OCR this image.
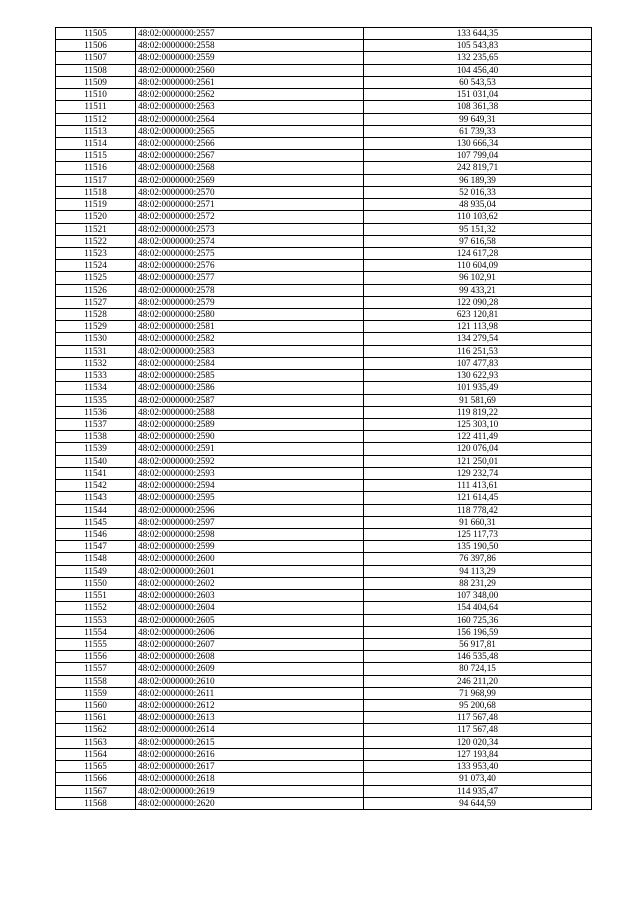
11505	48:02:0000000:2557	133 644,35
11506	48:02:0000000:2558	105 543,83
11507	48:02:0000000:2559	132 235,65
11508	48:02:0000000:2560	104 456,40
11509	48:02:0000000:2561	60 543,53
11510	48:02:0000000:2562	151 031,04
11511	48:02:0000000:2563	108 361,38
11512	48:02:0000000:2564	99 649,31
11513	48:02:0000000:2565	61 739,33
11514	48:02:0000000:2566	130 666,34
11515	48:02:0000000:2567	107 799,04
11516	48:02:0000000:2568	242 819,71
11517	48:02:0000000:2569	96 189,39
11518	48:02:0000000:2570	52 016,33
11519	48:02:0000000:2571	48 935,04
11520	48:02:0000000:2572	110 103,62
11521	48:02:0000000:2573	95 151,32
11522	48:02:0000000:2574	97 616,58
11523	48:02:0000000:2575	124 617,28
11524	48:02:0000000:2576	110 604,09
11525	48:02:0000000:2577	96 102,91
11526	48:02:0000000:2578	99 433,21
11527	48:02:0000000:2579	122 090,28
11528	48:02:0000000:2580	623 120,81
11529	48:02:0000000:2581	121 113,98
11530	48:02:0000000:2582	134 279,54
11531	48:02:0000000:2583	116 251,53
11532	48:02:0000000:2584	107 477,83
11533	48:02:0000000:2585	130 622,93
11534	48:02:0000000:2586	101 935,49
11535	48:02:0000000:2587	91 581,69
11536	48:02:0000000:2588	119 819,22
11537	48:02:0000000:2589	125 303,10
11538	48:02:0000000:2590	122 411,49
11539	48:02:0000000:2591	120 076,04
11540	48:02:0000000:2592	121 250,01
11541	48:02:0000000:2593	129 232,74
11542	48:02:0000000:2594	111 413,61
11543	48:02:0000000:2595	121 614,45
11544	48:02:0000000:2596	118 778,42
11545	48:02:0000000:2597	91 660,31
11546	48:02:0000000:2598	125 117,73
11547	48:02:0000000:2599	135 190,50
11548	48:02:0000000:2600	76 397,86
11549	48:02:0000000:2601	94 113,29
11550	48:02:0000000:2602	88 231,29
11551	48:02:0000000:2603	107 348,00
11552	48:02:0000000:2604	154 404,64
11553	48:02:0000000:2605	160 725,36
11554	48:02:0000000:2606	156 196,59
11555	48:02:0000000:2607	56 917,81
11556	48:02:0000000:2608	146 535,48
11557	48:02:0000000:2609	80 724,15
11558	48:02:0000000:2610	246 211,20
11559	48:02:0000000:2611	71 968,99
11560	48:02:0000000:2612	95 200,68
11561	48:02:0000000:2613	117 567,48
11562	48:02:0000000:2614	117 567,48
11563	48:02:0000000:2615	120 020,34
11564	48:02:0000000:2616	127 193,84
11565	48:02:0000000:2617	133 953,40
11566	48:02:0000000:2618	91 073,40
11567	48:02:0000000:2619	114 935,47
11568	48:02:0000000:2620	94 644,59
